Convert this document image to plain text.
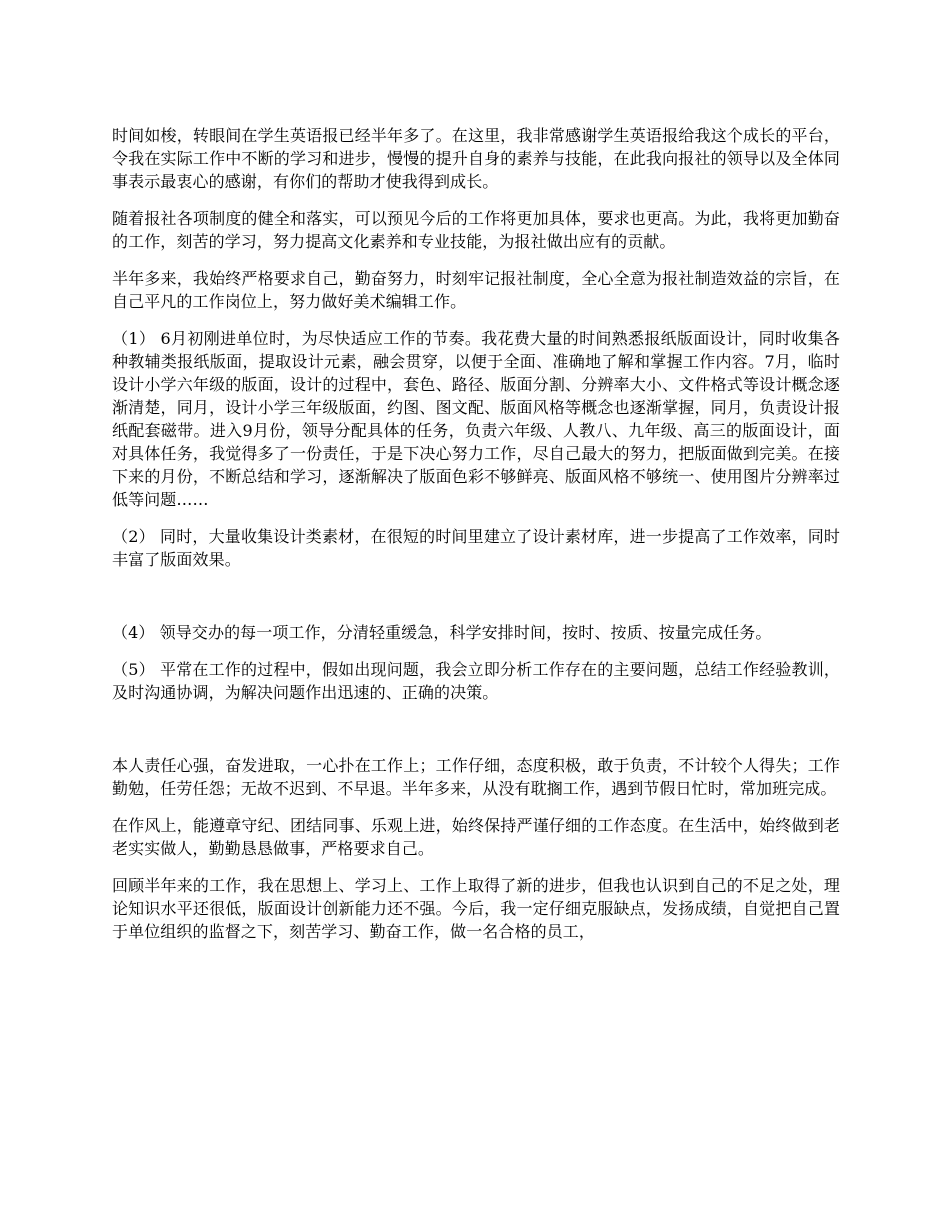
时间如梭，转眼间在学生英语报已经半年多了。在这里，我非常感谢学生英语报给我这个成长的平台，令我在实际工作中不断的学习和进步，慢慢的提升自身的素养与技能，在此我向报社的领导以及全体同事表示最衷心的感谢，有你们的帮助才使我得到成长。

随着报社各项制度的健全和落实，可以预见今后的工作将更加具体，要求也更高。为此，我将更加勤奋的工作，刻苦的学习，努力提高文化素养和专业技能，为报社做出应有的贡献。

半年多来，我始终严格要求自己，勤奋努力，时刻牢记报社制度，全心全意为报社制造效益的宗旨，在自己平凡的工作岗位上，努力做好美术编辑工作。

（1） 6月初刚进单位时，为尽快适应工作的节奏。我花费大量的时间熟悉报纸版面设计，同时收集各种教辅类报纸版面，提取设计元素，融会贯穿，以便于全面、准确地了解和掌握工作内容。7月，临时设计小学六年级的版面，设计的过程中，套色、路径、版面分割、分辨率大小、文件格式等设计概念逐渐清楚，同月，设计小学三年级版面，约图、图文配、版面风格等概念也逐渐掌握，同月，负责设计报纸配套磁带。进入9月份，领导分配具体的任务，负责六年级、人教八、九年级、高三的版面设计，面对具体任务，我觉得多了一份责任，于是下决心努力工作，尽自己最大的努力，把版面做到完美。在接下来的月份，不断总结和学习，逐渐解决了版面色彩不够鲜亮、版面风格不够统一、使用图片分辨率过低等问题……

（2） 同时，大量收集设计类素材，在很短的时间里建立了设计素材库，进一步提高了工作效率，同时丰富了版面效果。

（4） 领导交办的每一项工作，分清轻重缓急，科学安排时间，按时、按质、按量完成任务。

（5） 平常在工作的过程中，假如出现问题，我会立即分析工作存在的主要问题，总结工作经验教训，及时沟通协调，为解决问题作出迅速的、正确的决策。

本人责任心强，奋发进取，一心扑在工作上；工作仔细，态度积极，敢于负责，不计较个人得失；工作勤勉，任劳任怨；无故不迟到、不早退。半年多来，从没有耽搁工作，遇到节假日忙时，常加班完成。

在作风上，能遵章守纪、团结同事、乐观上进，始终保持严谨仔细的工作态度。在生活中，始终做到老老实实做人，勤勤恳恳做事，严格要求自己。

回顾半年来的工作，我在思想上、学习上、工作上取得了新的进步，但我也认识到自己的不足之处，理论知识水平还很低，版面设计创新能力还不强。今后，我一定仔细克服缺点，发扬成绩，自觉把自己置于单位组织的监督之下，刻苦学习、勤奋工作，做一名合格的员工，
